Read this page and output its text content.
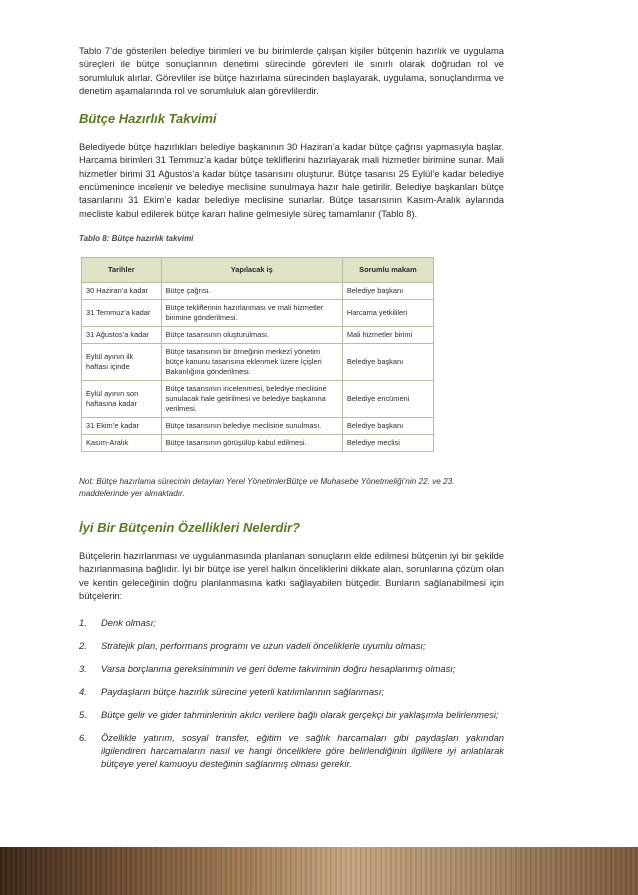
Tablo 7’de gösterilen belediye birimleri ve bu birimlerde çalışan kişiler bütçenin hazırlık ve uygulama süreçleri ile bütçe sonuçlarının denetimi sürecinde görevleri ile sınırlı olarak doğrudan rol ve sorumluluk alırlar. Görevliler ise bütçe hazırlama sürecinden başlayarak, uygulama, sonuçlandırma ve denetim aşamalarında rol ve sorumluluk alan görevlilerdir.

Bütçe Hazırlık Takvimi

Belediyede bütçe hazırlıkları belediye başkanının 30 Haziran’a kadar bütçe çağrısı yapmasıyla başlar. Harcama birimleri 31 Temmuz’a kadar bütçe tekliflerini hazırlayarak mali hizmetler birimine sunar. Mali hizmetler birimi 31 Ağustos’a kadar bütçe tasarısını oluşturur. Bütçe tasarısı 25 Eylül’e kadar belediye encümenince incelenir ve belediye meclisine sunulmaya hazır hale getirilir. Belediye başkanları bütçe tasarılarını 31 Ekim’e kadar belediye meclisine sunarlar. Bütçe tasarısının Kasım-Aralık aylarında mecliste kabul edilerek bütçe kararı haline gelmesiyle süreç tamamlanır (Tablo 8).

Tablo 8: Bütçe hazırlık takvimi
Tarihler	Yapılacak iş	Sorumlu makam
30 Haziran’a kadar	Bütçe çağrısı.	Belediye başkanı
31 Temmuz’a kadar	Bütçe tekliflerinin hazırlanması ve mali hizmetler birimine gönderilmesi.	Harcama yetkilileri
31 Ağustos’a kadar	Bütçe tasarısının oluşturulması.	Mali hizmetler birimi
Eylül ayının ilk haftası içinde	Bütçe tasarısının bir örneğinin merkezî yönetim bütçe kanunu tasarısına eklenmek üzere İçişleri Bakanlığına gönderilmesi.	Belediye başkanı
Eylül ayının son haftasına kadar	Bütçe tasarısının incelenmesi, belediye meclisine sunulacak hale getirilmesi ve belediye başkanına verilmesi.	Belediye encümeni
31 Ekim’e kadar	Bütçe tasarısının belediye meclisine sunulması.	Belediye başkanı
Kasım-Aralık	Bütçe tasarısının görüşülüp kabul edilmesi.	Belediye meclisi

Not: Bütçe hazırlama sürecinin detayları Yerel YönetimlerBütçe ve Muhasebe Yönetmeliği’nin 22. ve 23. maddelerinde yer almaktadır.

İyi Bir Bütçenin Özellikleri Nelerdir?

Bütçelerin hazırlanması ve uygulanmasında planlanan sonuçların elde edilmesi bütçenin iyi bir şekilde hazırlanmasına bağlıdır. İyi bir bütçe ise yerel halkın önceliklerini dikkate alan, sorunlarına çözüm olan ve kentin geleceğinin doğru planlanmasına katkı sağlayabilen bütçedir. Bunların sağlanabilmesi için bütçelerin:

1. Denk olması;
2. Stratejik plan, performans programı ve uzun vadeli önceliklerle uyumlu olması;
3. Varsa borçlanma gereksiniminin ve geri ödeme takviminin doğru hesaplanmış olması;
4. Paydaşların bütçe hazırlık sürecine yeterli katılımlarının sağlanması;
5. Bütçe gelir ve gider tahminlerinin akılcı verilere bağlı olarak gerçekçi bir yaklaşımla belirlenmesi;
6. Özellikle yatırım, sosyal transfer, eğitim ve sağlık harcamaları gibi paydaşları yakından ilgilendiren harcamaların nasıl ve hangi önceliklere göre belirlendiğinin ilgililere iyi anlatılarak bütçeye yerel kamuoyu desteğinin sağlanmış olması gerekir.
